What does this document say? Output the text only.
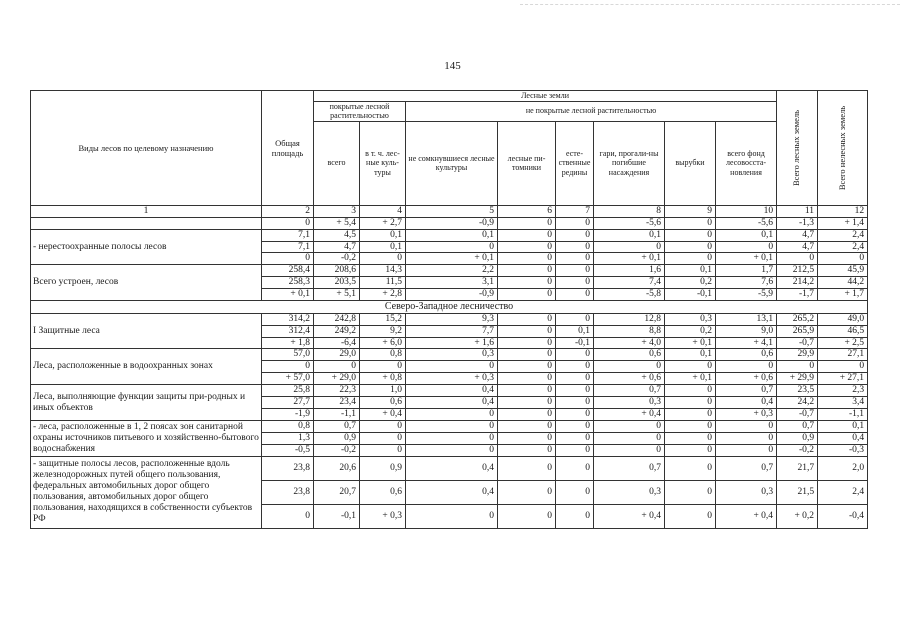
145
Виды лесов по целевому назначению	Общая площадь	Лесные земли								Всего лесных земель	Всего нелесных земель

		покрытые лесной растительностью		не покрытые лесной растительностью							
		всего	в т. ч. лес-ные куль-туры	не сомкнувшиеся лесные культуры	лесные пи-томники	есте-ственные редины	гари, прогали-ны погибшие насаждения	вырубки	всего фонд лесовосста-новления		
1	2	3	4	5	6	7	8	9	10	11	12
	0	+ 5,4	+ 2,7	-0,9	0	0	-5,6	0	-5,6	-1,3	+ 1,4
- нерестоохранные полосы лесов	7,1	4,5	0,1	0,1	0	0	0,1	0	0,1	4,7	2,4
	7,1	4,7	0,1	0	0	0	0	0	0	4,7	2,4
	0	-0,2	0	+ 0,1	0	0	+ 0,1	0	+ 0,1	0	0
Всего устроен, лесов	258,4	208,6	14,3	2,2	0	0	1,6	0,1	1,7	212,5	45,9
	258,3	203,5	11,5	3,1	0	0	7,4	0,2	7,6	214,2	44,2
	+ 0,1	+ 5,1	+ 2,8	-0,9	0	0	-5,8	-0,1	-5,9	-1,7	+ 1,7
Северо-Западное лесничество											
I Защитные леса	314,2	242,8	15,2	9,3	0	0	12,8	0,3	13,1	265,2	49,0
	312,4	249,2	9,2	7,7	0	0,1	8,8	0,2	9,0	265,9	46,5
	+ 1,8	-6,4	+ 6,0	+ 1,6	0	-0,1	+ 4,0	+ 0,1	+ 4,1	-0,7	+ 2,5
Леса, расположенные в водоохранных зонах	57,0	29,0	0,8	0,3	0	0	0,6	0,1	0,6	29,9	27,1
	0	0	0	0	0	0	0	0	0	0	0
	+ 57,0	+ 29,0	+ 0,8	+ 0,3	0	0	+ 0,6	+ 0,1	+ 0,6	+ 29,9	+ 27,1
Леса, выполняющие функции защиты при-родных и иных объектов	25,8	22,3	1,0	0,4	0	0	0,7	0	0,7	23,5	2,3
	27,7	23,4	0,6	0,4	0	0	0,3	0	0,4	24,2	3,4
	-1,9	-1,1	+ 0,4	0	0	0	+ 0,4	0	+ 0,3	-0,7	-1,1
- леса, расположенные в 1, 2 поясах зон санитарной охраны источников питьевого и хозяйственно-бытового водоснабжения	0,8	0,7	0	0	0	0	0	0	0	0,7	0,1
	1,3	0,9	0	0	0	0	0	0	0	0,9	0,4
	-0,5	-0,2	0	0	0	0	0	0	0	-0,2	-0,3
- защитные полосы лесов, расположенные вдоль железнодорожных путей общего пользования, федеральных автомобильных дорог общего пользования, автомобильных дорог общего пользования, находящихся в собственности субъектов РФ	23,8	20,6	0,9	0,4	0	0	0,7	0	0,7	21,7	2,0
	23,8	20,7	0,6	0,4	0	0	0,3	0	0,3	21,5	2,4
	0	-0,1	+ 0,3	0	0	0	+ 0,4	0	+ 0,4	+ 0,2	-0,4
